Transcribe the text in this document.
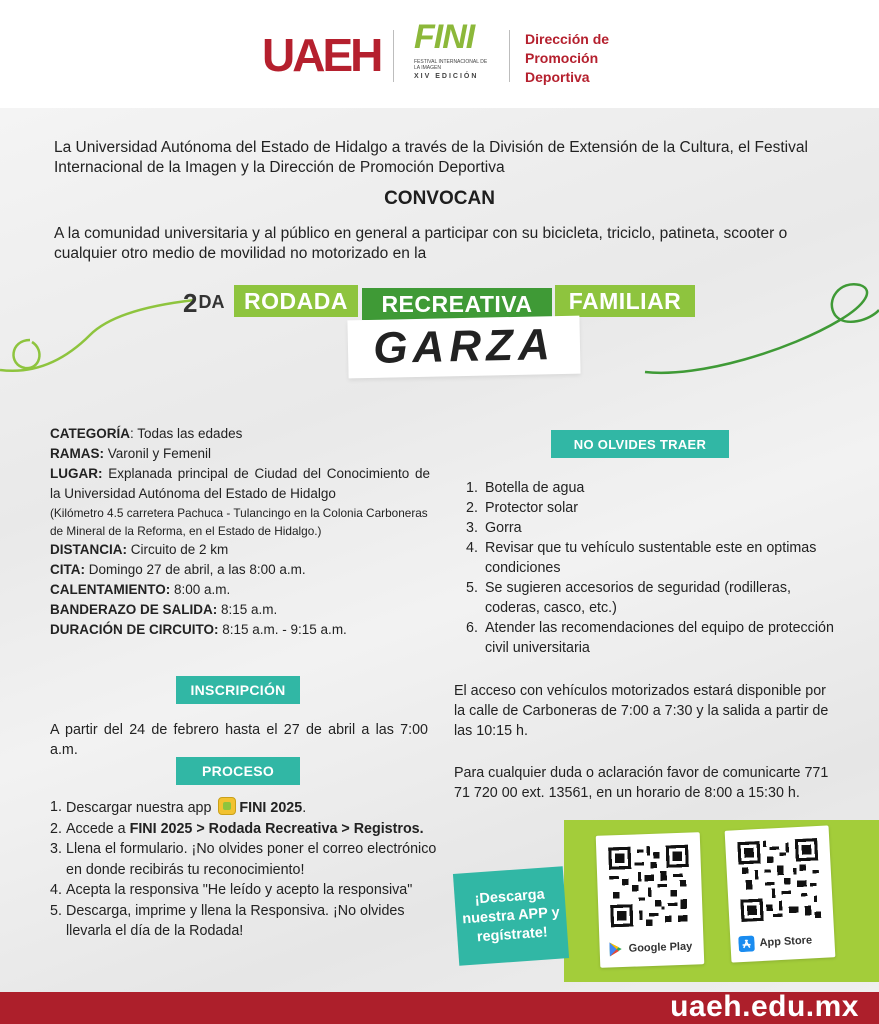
UAEH FINI
FESTIVAL INTERNACIONAL DE LA IMAGEN
XIV EDICIÓN
Dirección de
Promoción
Deportiva
La Universidad Autónoma del Estado de Hidalgo a través de la División de Extensión de la Cultura, el Festival Internacional de la Imagen y la Dirección de Promoción Deportiva
CONVOCAN
A la comunidad universitaria y al público en general a participar con su bicicleta, triciclo, patineta, scooter o cualquier otro medio de movilidad no motorizado en la
$2^{DA}$ RODADA	RECREATIVA	FAMILIAR
GARZA
CATEGORÍA: Todas las edades
RAMAS: Varonil y Femenil
LUGAR: Explanada principal de Ciudad del Conocimiento de la Universidad Autónoma del Estado de Hidalgo
(Kilómetro 4.5 carretera Pachuca - Tulancingo en la Colonia Carboneras de Mineral de la Reforma, en el Estado de Hidalgo.)
DISTANCIA: Circuito de 2 km
CITA: Domingo 27 de abril, a las 8:00 a.m.
CALENTAMIENTO: 8:00 a.m.
BANDERAZO DE SALIDA: 8:15 a.m.
DURACIÓN DE CIRCUITO: 8:15 a.m. - 9:15 a.m.
NO OLVIDES TRAER
1. Botella de agua
2. Protector solar
3. Gorra
4. Revisar que tu vehículo sustentable este en optimas condiciones
5. Se sugieren accesorios de seguridad (rodilleras, coderas, casco, etc.)
6. Atender las recomendaciones del equipo de protección civil universitaria
El acceso con vehículos motorizados estará disponible por la calle de Carboneras de 7:00 a 7:30 y la salida a partir de las 10:15 h.
Para cualquier duda o aclaración favor de comunicarte 771 71 720 00 ext. 13561, en un horario de 8:00 a 15:30 h.
INSCRIPCIÓN
A partir del 24 de febrero hasta el 27 de abril a las 7:00 a.m.
PROCESO
1. Descargar nuestra app FINI 2025.
2. Accede a FINI 2025 > Rodada Recreativa > Registros.
3. Llena el formulario. ¡No olvides poner el correo electrónico en donde recibirás tu reconocimiento!
4. Acepta la responsiva "He leído y acepto la responsiva"
5. Descarga, imprime y llena la Responsiva. ¡No olvides llevarla el día de la Rodada!
¡Descarga nuestra APP y regístrate!
Google Play	App Store
uaeh.edu.mx
